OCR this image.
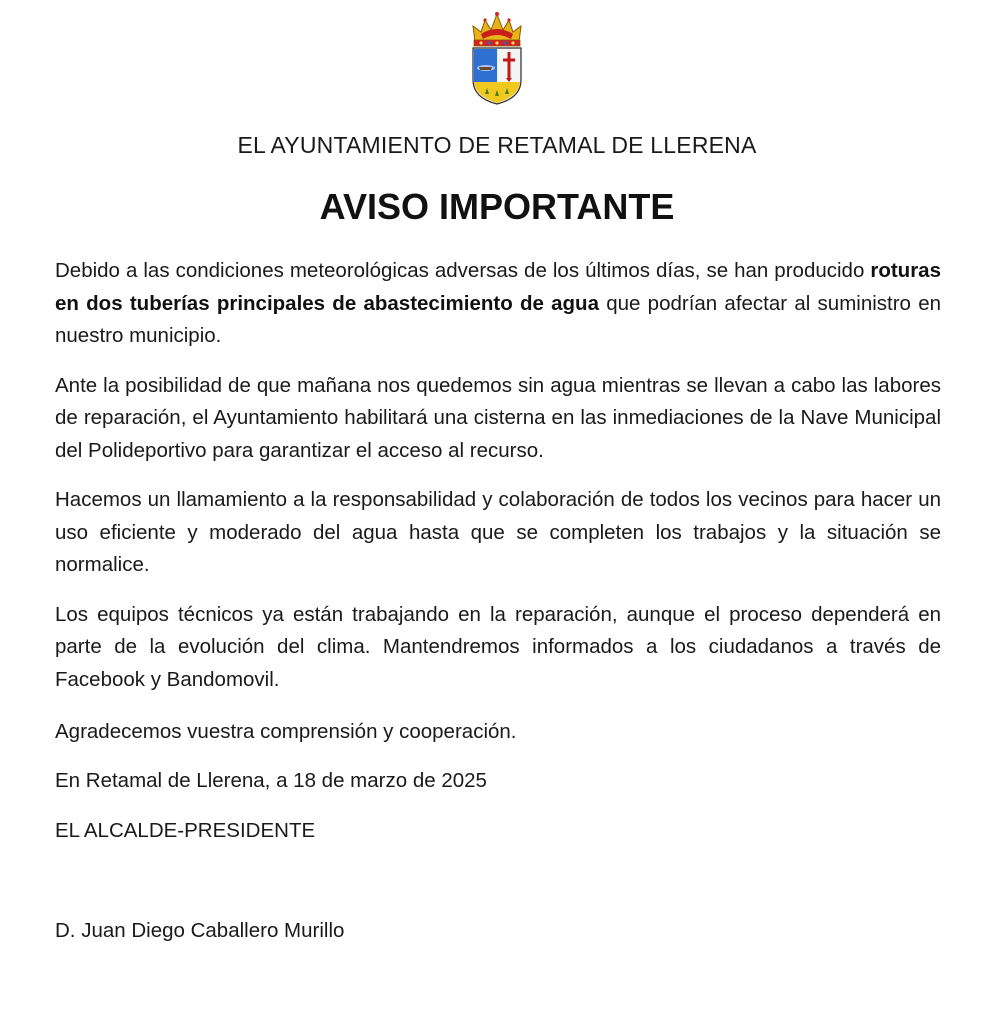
EL AYUNTAMIENTO DE RETAMAL DE LLERENA
AVISO IMPORTANTE

Debido a las condiciones meteorológicas adversas de los últimos días, se han producido roturas en dos tuberías principales de abastecimiento de agua que podrían afectar al suministro en nuestro municipio.

Ante la posibilidad de que mañana nos quedemos sin agua mientras se llevan a cabo las labores de reparación, el Ayuntamiento habilitará una cisterna en las inmediaciones de la Nave Municipal del Polideportivo para garantizar el acceso al recurso.

Hacemos un llamamiento a la responsabilidad y colaboración de todos los vecinos para hacer un uso eficiente y moderado del agua hasta que se completen los trabajos y la situación se normalice.

Los equipos técnicos ya están trabajando en la reparación, aunque el proceso dependerá en parte de la evolución del clima. Mantendremos informados a los ciudadanos a través de Facebook y Bandomovil.

Agradecemos vuestra comprensión y cooperación.
En Retamal de Llerena, a 18 de marzo de 2025
EL ALCALDE-PRESIDENTE
D. Juan Diego Caballero Murillo
